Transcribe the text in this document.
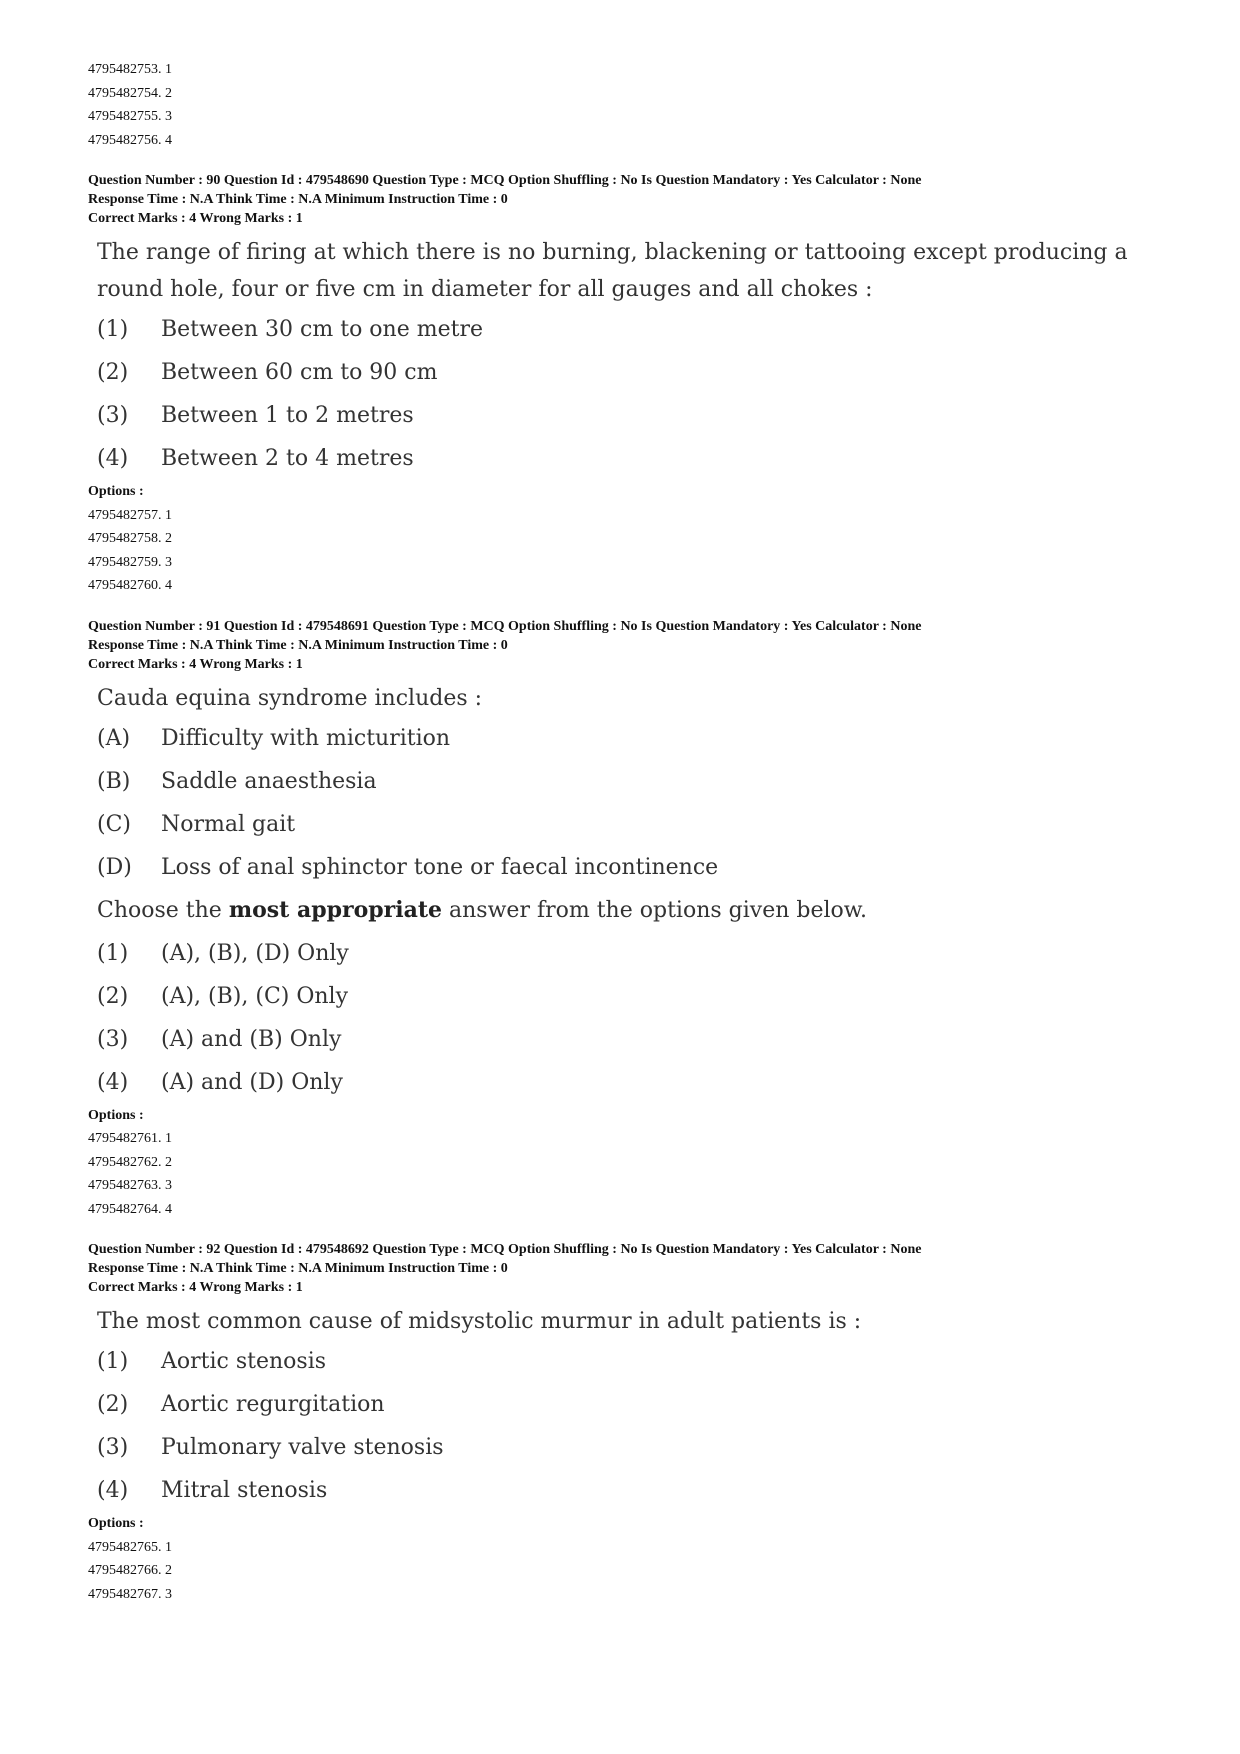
4795482753. 1
4795482754. 2
4795482755. 3
4795482756. 4
Question Number : 90 Question Id : 479548690 Question Type : MCQ Option Shuffling : No Is Question Mandatory : Yes Calculator : None
Response Time : N.A Think Time : N.A Minimum Instruction Time : 0
Correct Marks : 4 Wrong Marks : 1
The range of firing at which there is no burning, blackening or tattooing except producing a
round hole, four or five cm in diameter for all gauges and all chokes :
(1)	Between 30 cm to one metre
(2)	Between 60 cm to 90 cm
(3)	Between 1 to 2 metres
(4)	Between 2 to 4 metres
Options :
4795482757. 1
4795482758. 2
4795482759. 3
4795482760. 4
Question Number : 91 Question Id : 479548691 Question Type : MCQ Option Shuffling : No Is Question Mandatory : Yes Calculator : None
Response Time : N.A Think Time : N.A Minimum Instruction Time : 0
Correct Marks : 4 Wrong Marks : 1
Cauda equina syndrome includes :
(A)	Difficulty with micturition
(B)	Saddle anaesthesia
(C)	Normal gait
(D)	Loss of anal sphinctor tone or faecal incontinence
Choose the most appropriate answer from the options given below.
(1)	(A), (B), (D) Only
(2)	(A), (B), (C) Only
(3)	(A) and (B) Only
(4)	(A) and (D) Only
Options :
4795482761. 1
4795482762. 2
4795482763. 3
4795482764. 4
Question Number : 92 Question Id : 479548692 Question Type : MCQ Option Shuffling : No Is Question Mandatory : Yes Calculator : None
Response Time : N.A Think Time : N.A Minimum Instruction Time : 0
Correct Marks : 4 Wrong Marks : 1
The most common cause of midsystolic murmur in adult patients is :
(1)	Aortic stenosis
(2)	Aortic regurgitation
(3)	Pulmonary valve stenosis
(4)	Mitral stenosis
Options :
4795482765. 1
4795482766. 2
4795482767. 3
